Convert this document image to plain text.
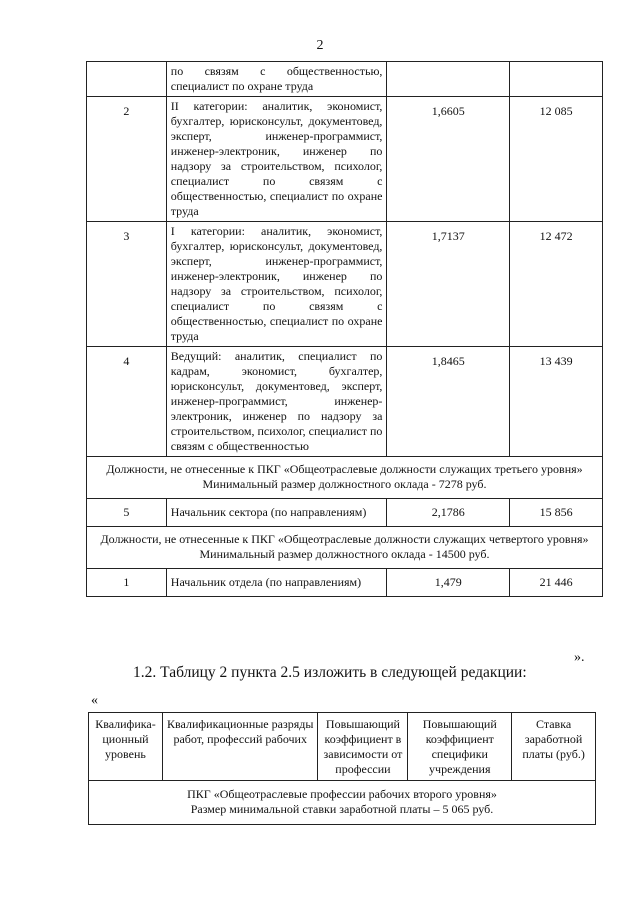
2
	по связям с общественностью, специалист по охране труда		
2	II категории: аналитик, экономист, бухгалтер, юрисконсульт, документовед, эксперт, инженер-программист, инженер-электроник, инженер по надзору за строительством, психолог, специалист по связям с общественностью, специалист по охране труда	1,6605	12 085
3	I категории: аналитик, экономист, бухгалтер, юрисконсульт, документовед, эксперт, инженер-программист, инженер-электроник, инженер по надзору за строительством, психолог, специалист по связям с общественностью, специалист по охране труда	1,7137	12 472
4	Ведущий: аналитик, специалист по кадрам, экономист, бухгалтер, юрисконсульт, документовед, эксперт, инженер-программист, инженер-электроник, инженер по надзору за строительством, психолог, специалист по связям с общественностью	1,8465	13 439

Должности, не отнесенные к ПКГ «Общеотраслевые должности служащих третьего уровня»
Минимальный размер должностного оклада - 7278 руб.			

5	Начальник сектора (по направлениям)	2,1786	15 856

Должности, не отнесенные к ПКГ «Общеотраслевые должности служащих четвертого уровня»
Минимальный размер должностного оклада - 14500 руб.			

1	Начальник отдела (по направлениям)	1,479	21 446
».
1.2. Таблицу 2 пункта 2.5 изложить в следующей редакции:
«
Квалифика-ционный уровень	Квалификационные разряды работ, профессий рабочих	Повышающий коэффициент в зависимости от профессии	Повышающий коэффициент специфики учреждения	Ставка заработной платы (руб.)

ПКГ «Общеотраслевые профессии рабочих второго уровня»
Размер минимальной ставки заработной платы – 5 065 руб.
